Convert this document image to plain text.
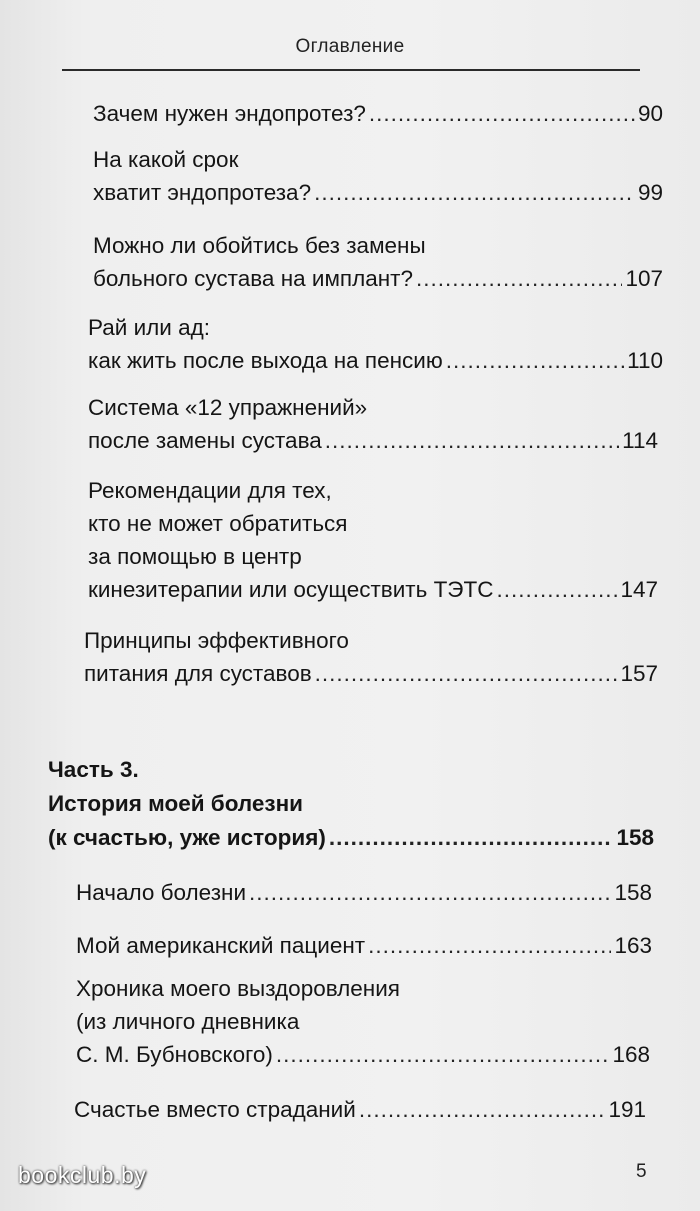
Оглавление
Зачем нужен эндопротез? .....	90
На какой срок
хватит эндопротеза? .....	99
Можно ли обойтись без замены
больного сустава на имплант? .....	107
Рай или ад:
как жить после выхода на пенсию .....	110
Система «12 упражнений»
после замены сустава .....	114
Рекомендации для тех,
кто не может обратиться
за помощью в центр
кинезитерапии или осуществить ТЭТС .....	147
Принципы эффективного
питания для суставов .....	157
Часть 3.
История моей болезни
(к счастью, уже история) .....	158
Начало болезни .....	158
Мой американский пациент .....	163
Хроника моего выздоровления
(из личного дневника
С. М. Бубновского) .....	168
Счастье вместо страданий .....	191
bookclub.by	5
